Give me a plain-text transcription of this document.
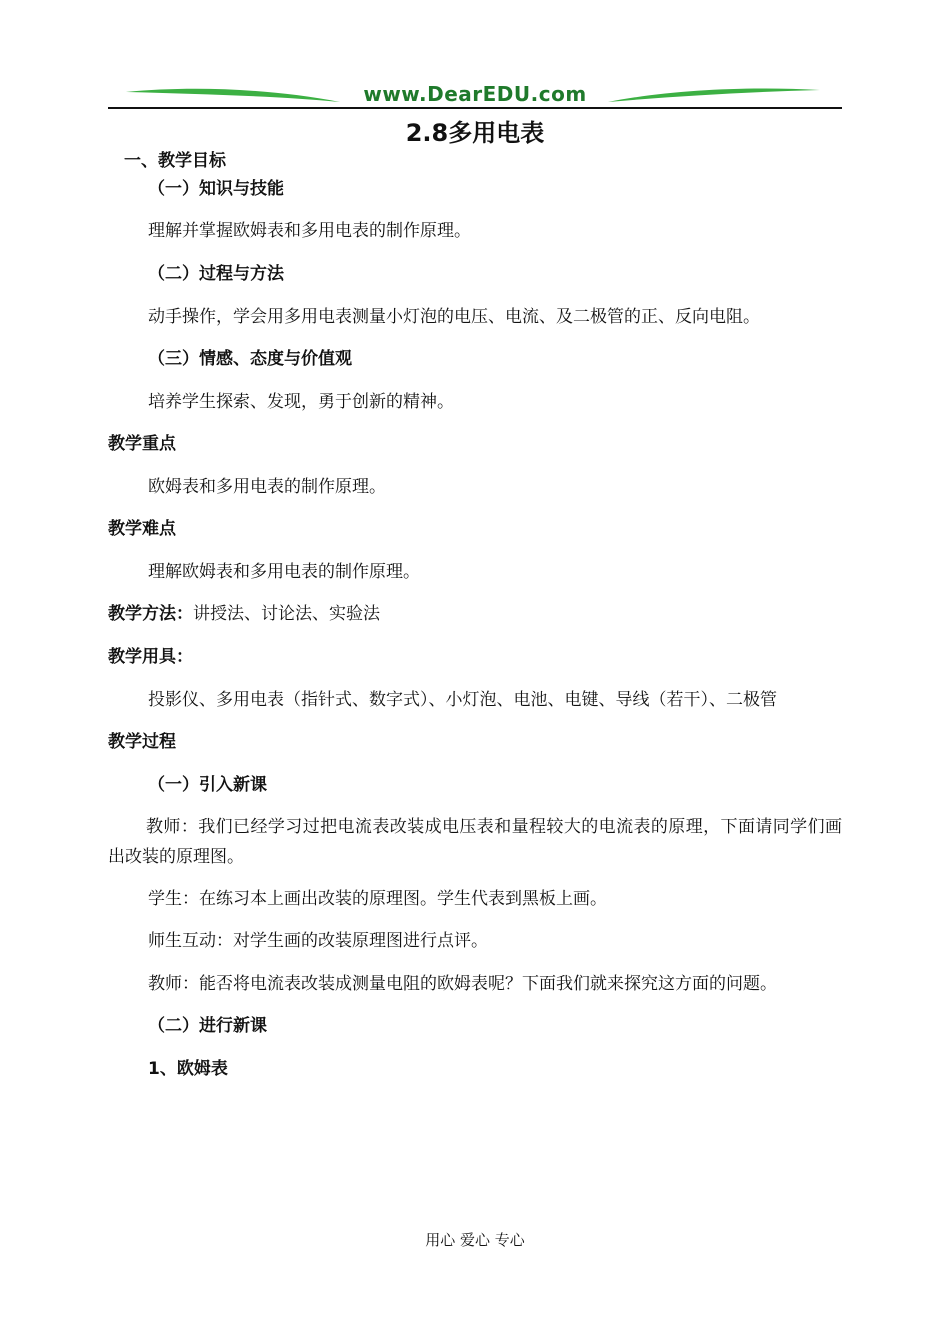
www.DearEDU.com
2.8多用电表
一、教学目标
（一）知识与技能
理解并掌握欧姆表和多用电表的制作原理。
（二）过程与方法
动手操作，学会用多用电表测量小灯泡的电压、电流、及二极管的正、反向电阻。
（三）情感、态度与价值观
培养学生探索、发现，勇于创新的精神。
教学重点
欧姆表和多用电表的制作原理。
教学难点
理解欧姆表和多用电表的制作原理。
教学方法：讲授法、讨论法、实验法
教学用具：
投影仪、多用电表（指针式、数字式）、小灯泡、电池、电键、导线（若干）、二极管
教学过程
（一）引入新课
教师：我们已经学习过把电流表改装成电压表和量程较大的电流表的原理，下面请同学们画出改装的原理图。
学生：在练习本上画出改装的原理图。学生代表到黑板上画。
师生互动：对学生画的改装原理图进行点评。
教师：能否将电流表改装成测量电阻的欧姆表呢？下面我们就来探究这方面的问题。
（二）进行新课
1、欧姆表
用心 爱心 专心
